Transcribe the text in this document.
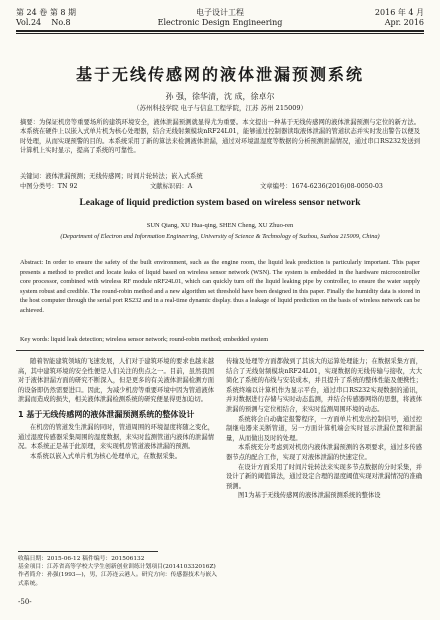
第 24 卷 第 8 期	电子设计工程	2016 年 4 月
Vol.24 No.8	Electronic Design Engineering	Apr. 2016
基于无线传感网的液体泄漏预测系统
孙 强，徐华清，沈 成，徐卓尔
（苏州科技学院 电子与信息工程学院，江苏 苏州 215009）
摘要：为保证机房等重要场所的建筑环境安全，液体泄漏预测就显得尤为重要。本文提出一种基于无线传感网的液体泄漏预测与定位的新方法。本系统在硬件上以嵌入式单片机为核心处理器，结合无线射频模块nRF24L01，能够通过控制器读取液体泄漏的管道状态并实时发出警告以便及时处理，从而实现预警的目的。本系统采用了新的算法来检测液体泄漏，通过对环境温湿度等数据的分析预测泄漏情况，通过串口RS232发送到计算机上实时显示，提高了系统的可靠性。
关键词：液体泄漏预测；无线传感网；时间片轮转法；嵌入式系统
中图分类号：TN 92	文献标识码：A	文章编号：1674-6236(2016)08-0050-03
Leakage of liquid prediction system based on wireless sensor network
SUN Qiang, XU Hua-qing, SHEN Cheng, XU Zhuo-ren
(Department of Electron and Information Engineering, University of Science & Technology of Suzhou, Suzhou 215009, China)
Abstract: In order to ensure the safety of the built environment, such as the engine room, the liquid leak prediction is particularly important. This paper presents a method to predict and locate leaks of liquid based on wireless sensor network (WSN). The system is embedded in the hardware microcontroller core processor, combined with wireless RF module nRF24L01, which can quickly turn off the liquid leaking pipe by controller, to ensure the water supply system robust and credible. The round-robin method and a new algorithm set threshold have been designed in this paper. Finally the humidity data is stored in the host computer through the serial port RS232 and in a real-time dynamic display. thus a leakage of liquid prediction on the basis of wireless network can be achieved.
Key words: liquid leak detection; wireless sensor network; round-robin method; embedded system

随着智能建筑领域的飞速发展，人们对于建筑环境的要求也越来越高，其中建筑环境的安全性便是人们关注的焦点之一。目前，虽然我国对于液体泄漏方面的研究不断深入，但是更多的有关液体泄漏检测方面的设备即仍然需要进口。因此，为减少机房等重要环境中因为管道液体泄漏而造成的损失，相关液体泄漏检测系统的研究便显得更加迫切。

1 基于无线传感网的液体泄漏预测系统的整体设计

在机房的管道发生泄漏的同时，管道周围的环境湿度将随之变化，通过湿度传感器采集周围的湿度数据，来实时监测管道内液体的泄漏情况。本系统正是基于此原理，来实现机房管道液体泄漏的预测。

本系统以嵌入式单片机为核心处理单元，在数据采集。

传输及处理等方面都做到了其该大的运算处理能力；在数据采集方面，结合了无线射频模块nRF24L01，实现数据的无线传输与接收，大大简化了系统的布线与安装成本，并且提升了系统的整体性能及便携性；系统终端以计算机作为显示平台，通过串口RS232实现数据的通讯，并对数据进行存储与实时动态监测，并结合传感器网络的思想，将液体泄漏的预测与定位相结合，来实时监测周围环境的动态。

系统将会自动确定报警程序，一方面单片机发出控制信号，通过控制继电器来关断管道，另一方面计算机端会实时显示泄漏位置和泄漏量，从而做出及时的处理。

本系统充分考虑到对机房内液体泄漏预测的各项要求，通过多传感器节点的配合工作，实现了对液体泄漏的快速定位。

在设计方面采用了时间片轮转法来实现多节点数据的分时采集，并设计了新的阈值算法，通过设定合理的湿度阈值实现对泄漏情况的准确预测。

图1为基于无线传感网的液体泄漏预测系统的整体设

收稿日期：2015-06-12 稿件编号：201506132
基金项目：江苏省高等学校大学生创新创业训练计划项目(201410332016Z)
作者简介：孙强(1993—)，男，江苏连云港人。研究方向：传感器技术与嵌入式系统。
-50-
